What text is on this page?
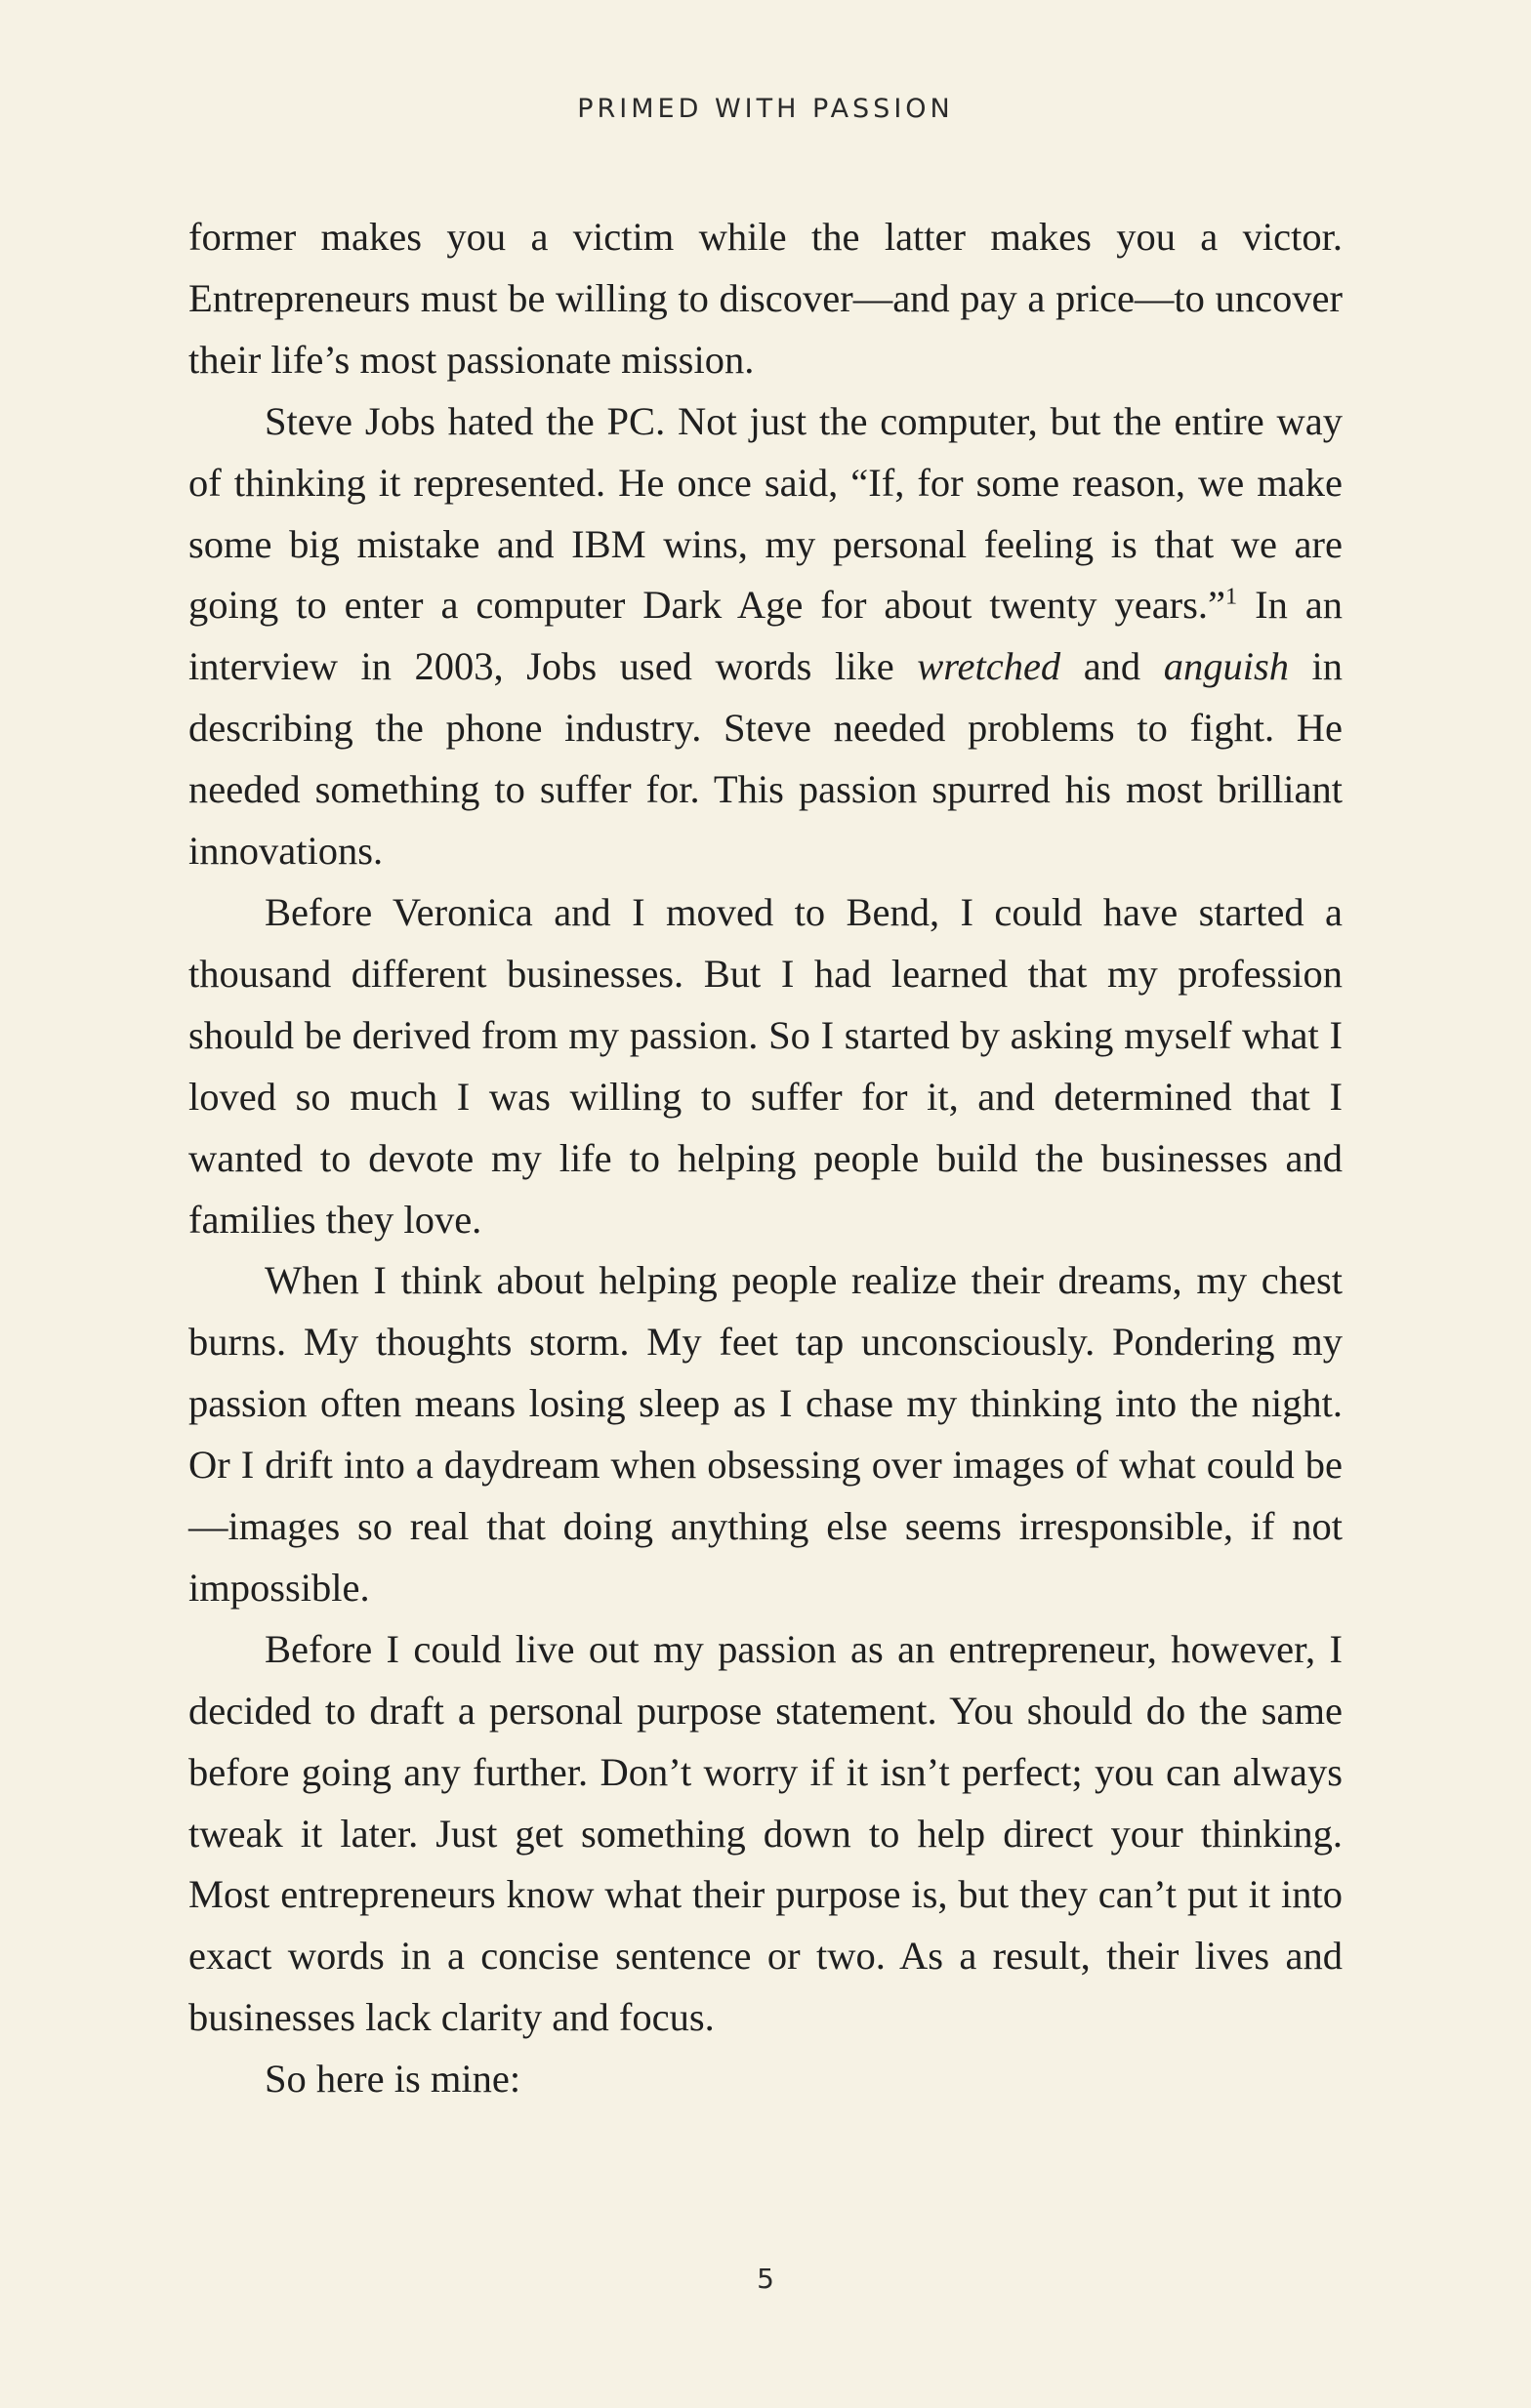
PRIMED WITH PASSION

former makes you a victim while the latter makes you a victor. Entrepreneurs must be willing to discover—and pay a price—to uncover their life’s most passionate mission.

Steve Jobs hated the PC. Not just the computer, but the entire way of thinking it represented. He once said, “If, for some reason, we make some big mistake and IBM wins, my personal feeling is that we are going to enter a computer Dark Age for about twenty years.”$^1$ In an interview in 2003, Jobs used words like wretched and anguish in describing the phone industry. Steve needed problems to fight. He needed something to suffer for. This passion spurred his most brilliant innovations.

Before Veronica and I moved to Bend, I could have started a thousand different businesses. But I had learned that my profession should be derived from my passion. So I started by asking myself what I loved so much I was willing to suffer for it, and determined that I wanted to devote my life to helping people build the businesses and families they love.

When I think about helping people realize their dreams, my chest burns. My thoughts storm. My feet tap unconsciously. Pondering my passion often means losing sleep as I chase my thinking into the night. Or I drift into a daydream when obsessing over images of what could be—images so real that doing anything else seems irresponsible, if not impossible.

Before I could live out my passion as an entrepreneur, however, I decided to draft a personal purpose statement. You should do the same before going any further. Don’t worry if it isn’t perfect; you can always tweak it later. Just get something down to help direct your thinking. Most entrepreneurs know what their purpose is, but they can’t put it into exact words in a concise sentence or two. As a result, their lives and businesses lack clarity and focus.

So here is mine:

5
